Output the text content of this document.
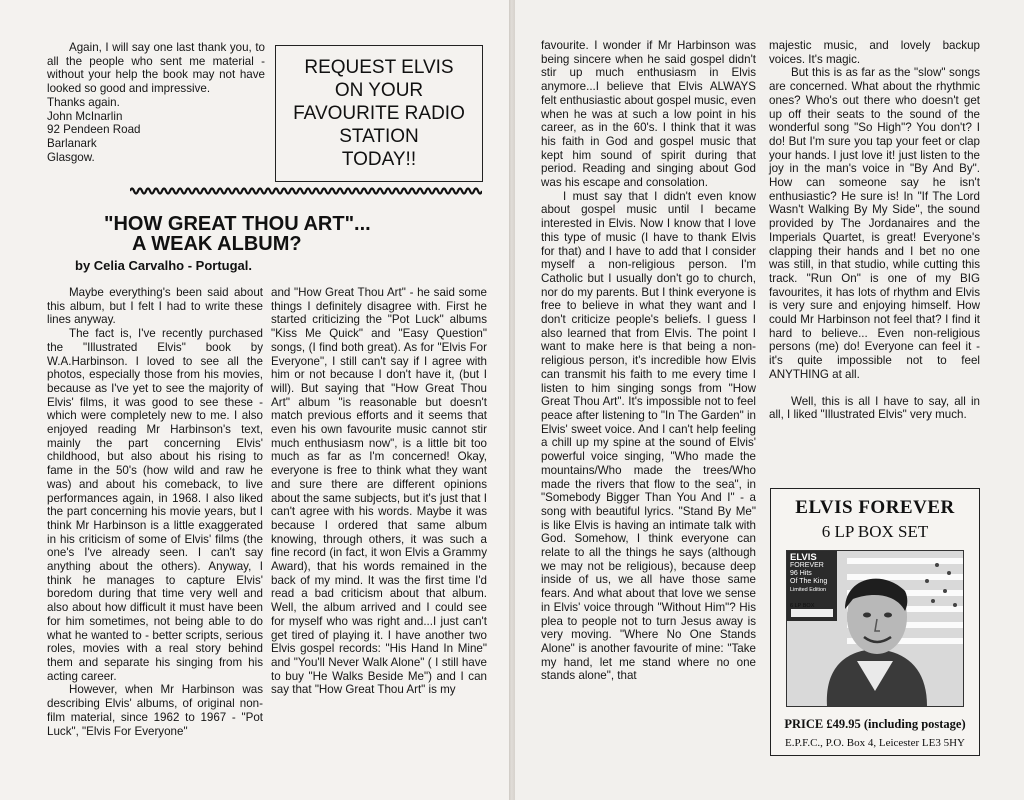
Again, I will say one last thank you, to all the people who sent me material - without your help the book may not have looked so good and impressive.

Thanks again.

John McInarlin

92 Pendeen Road

Barlanark

Glasgow.

REQUEST ELVIS
ON YOUR
FAVOURITE RADIO
STATION
TODAY!!
"HOW GREAT THOU ART"...
A WEAK ALBUM?
by Celia Carvalho - Portugal.

Maybe everything's been said about this album, but I felt I had to write these lines anyway.

The fact is, I've recently purchased the "Illustrated Elvis" book by W.A.Harbinson. I loved to see all the photos, especially those from his movies, because as I've yet to see the majority of Elvis' films, it was good to see these - which were completely new to me. I also enjoyed reading Mr Harbinson's text, mainly the part concerning Elvis' childhood, but also about his rising to fame in the 50's (how wild and raw he was) and about his comeback, to live performances again, in 1968. I also liked the part concerning his movie years, but I think Mr Harbinson is a little exaggerated in his criticism of some of Elvis' films (the one's I've already seen. I can't say anything about the others). Anyway, I think he manages to capture Elvis' boredom during that time very well and also about how difficult it must have been for him sometimes, not being able to do what he wanted to - better scripts, serious roles, movies with a real story behind them and separate his singing from his acting career.

However, when Mr Harbinson was describing Elvis' albums, of original non-film material, since 1962 to 1967 - "Pot Luck", "Elvis For Everyone"

and "How Great Thou Art" - he said some things I definitely disagree with. First he started criticizing the "Pot Luck" albums "Kiss Me Quick" and "Easy Question" songs, (I find both great). As for "Elvis For Everyone", I still can't say if I agree with him or not because I don't have it, (but I will). But saying that "How Great Thou Art" album "is reasonable but doesn't match previous efforts and it seems that even his own favourite music cannot stir much enthusiasm now", is a little bit too much as far as I'm concerned! Okay, everyone is free to think what they want and sure there are different opinions about the same subjects, but it's just that I can't agree with his words. Maybe it was because I ordered that same album knowing, through others, it was such a fine record (in fact, it won Elvis a Grammy Award), that his words remained in the back of my mind. It was the first time I'd read a bad criticism about that album. Well, the album arrived and I could see for myself who was right and...I just can't get tired of playing it. I have another two Elvis gospel records: "His Hand In Mine" and "You'll Never Walk Alone" ( I still have to buy "He Walks Beside Me") and I can say that "How Great Thou Art" is my

favourite. I wonder if Mr Harbinson was being sincere when he said gospel didn't stir up much enthusiasm in Elvis anymore...I believe that Elvis ALWAYS felt enthusiastic about gospel music, even when he was at such a low point in his career, as in the 60's. I think that it was his faith in God and gospel music that kept him sound of spirit during that period. Reading and singing about God was his escape and consolation.

I must say that I didn't even know about gospel music until I became interested in Elvis. Now I know that I love this type of music (I have to thank Elvis for that) and I have to add that I consider myself a non-religious person. I'm Catholic but I usually don't go to church, nor do my parents. But I think everyone is free to believe in what they want and I don't criticize people's beliefs. I guess I also learned that from Elvis. The point I want to make here is that being a non-religious person, it's incredible how Elvis can transmit his faith to me every time I listen to him singing songs from "How Great Thou Art". It's impossible not to feel peace after listening to "In The Garden" in Elvis' sweet voice. And I can't help feeling a chill up my spine at the sound of Elvis' powerful voice singing, "Who made the mountains/Who made the trees/Who made the rivers that flow to the sea", in "Somebody Bigger Than You And I" - a song with beautiful lyrics. "Stand By Me" is like Elvis is having an intimate talk with God. Somehow, I think everyone can relate to all the things he says (although we may not be religious), because deep inside of us, we all have those same fears. And what about that love we sense in Elvis' voice through "Without Him"? His plea to people not to turn Jesus away is very moving. "Where No One Stands Alone" is another favourite of mine: "Take my hand, let me stand where no one stands alone", that

majestic music, and lovely backup voices. It's magic.

But this is as far as the "slow" songs are concerned. What about the rhythmic ones? Who's out there who doesn't get up off their seats to the sound of the wonderful song "So High"? You don't? I do! But I'm sure you tap your feet or clap your hands. I just love it! just listen to the joy in the man's voice in "By And By". How can someone say he isn't enthusiastic? He sure is! In "If The Lord Wasn't Walking By My Side", the sound provided by The Jordanaires and the Imperials Quartet, is great! Everyone's clapping their hands and I bet no one was still, in that studio, while cutting this track. "Run On" is one of my BIG favourites, it has lots of rhythm and Elvis is very sure and enjoying himself. How could Mr Harbinson not feel that? I find it hard to believe... Even non-religious persons (me) do! Everyone can feel it - it's quite impossible not to feel ANYTHING at all.

Well, this is all I have to say, all in all, I liked "Illustrated Elvis" very much.

ELVIS FOREVER
6 LP BOX SET
ELVIS
FOREVER
96 Hits
Of The King
Limited Edition
6 LP BOX
PRICE £49.95 (including postage)
E.P.F.C., P.O. Box 4, Leicester LE3 5HY
